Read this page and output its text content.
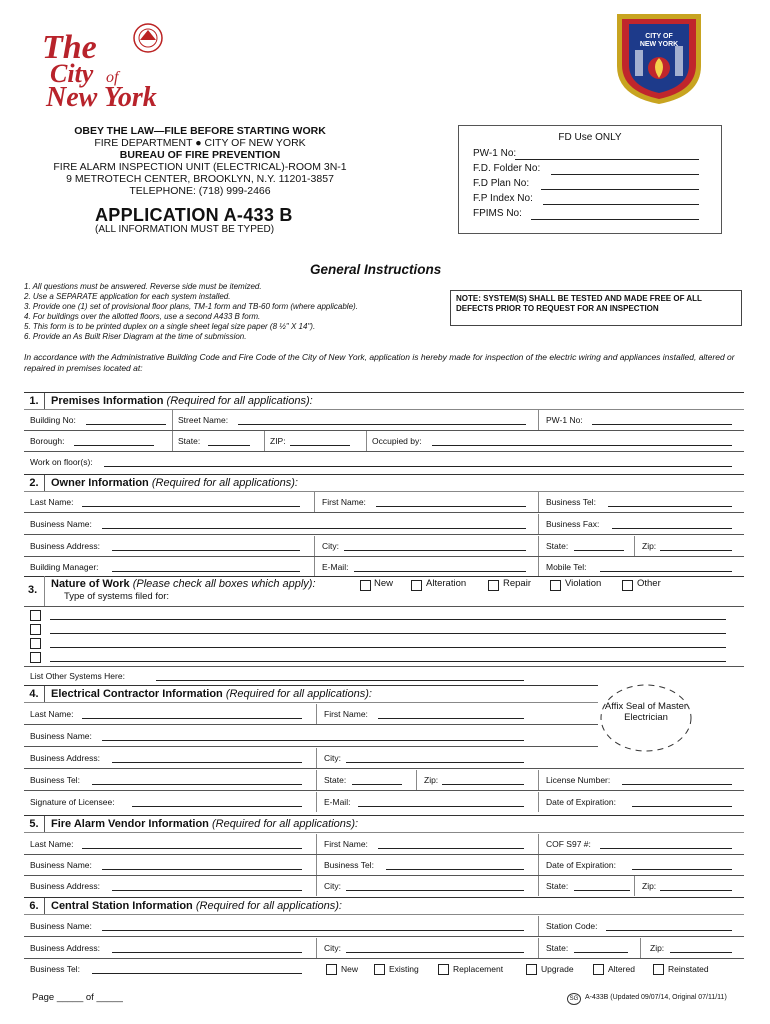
The
City of
New York
CITY OF
NEW YORK
OBEY THE LAW—FILE BEFORE STARTING WORK
FIRE DEPARTMENT ● CITY OF NEW YORK
BUREAU OF FIRE PREVENTION
FIRE ALARM INSPECTION UNIT (ELECTRICAL)-ROOM 3N-1
9 METROTECH CENTER, BROOKLYN, N.Y. 11201-3857
TELEPHONE: (718) 999-2466
APPLICATION A-433 B
(ALL INFORMATION MUST BE TYPED)
FD Use ONLY
PW-1 No:
F.D. Folder No:
F.D Plan No:
F.P Index No:
FPIMS No:
General Instructions
1. All questions must be answered. Reverse side must be itemized.
2. Use a SEPARATE application for each system installed.
3. Provide one (1) set of provisional floor plans, TM-1 form and TB-60 form (where applicable).
4. For buildings over the allotted floors, use a second A433 B form.
5. This form is to be printed duplex on a single sheet legal size paper (8 ½" X 14").
6. Provide an As Built Riser Diagram at the time of submission.
NOTE: SYSTEM(S) SHALL BE TESTED AND MADE FREE OF ALL DEFECTS PRIOR TO REQUEST FOR AN INSPECTION
In accordance with the Administrative Building Code and Fire Code of the City of New York, application is hereby made for inspection of the electric wiring and appliances installed, altered or repaired in premises located at:
1.	Premises Information (Required for all applications):
Building No:	Street Name:	PW-1 No:
Borough:	State:	ZIP:	Occupied by:
Work on floor(s):
2.	Owner Information (Required for all applications):
Last Name:	First Name:	Business Tel:
Business Name:	Business Fax:
Business Address:	City:	State:	Zip:
Building Manager:	E-Mail:	Mobile Tel:
3. Nature of Work (Please check all boxes which apply):	New	Alteration	Repair	Violation	Other
Type of systems filed for:
List Other Systems Here:
4.	Electrical Contractor Information (Required for all applications):
Last Name:	First Name:
Business Name:
Business Address:	City:
Business Tel:	State:	Zip:	License Number:
Signature of Licensee:	E-Mail:	Date of Expiration:
Affix Seal of Master Electrician
5.	Fire Alarm Vendor Information (Required for all applications):
Last Name:	First Name:	COF S97 #:
Business Name:	Business Tel:	Date of Expiration:
Business Address:	City:	State:	Zip:
6.	Central Station Information (Required for all applications):
Business Name:	Station Code:
Business Address:	City:	State:	Zip:
Business Tel:	New	Existing	Replacement	Upgrade	Altered	Reinstated
Page _____ of _____	SG A-433B (Updated 09/07/14, Original 07/11/11)
